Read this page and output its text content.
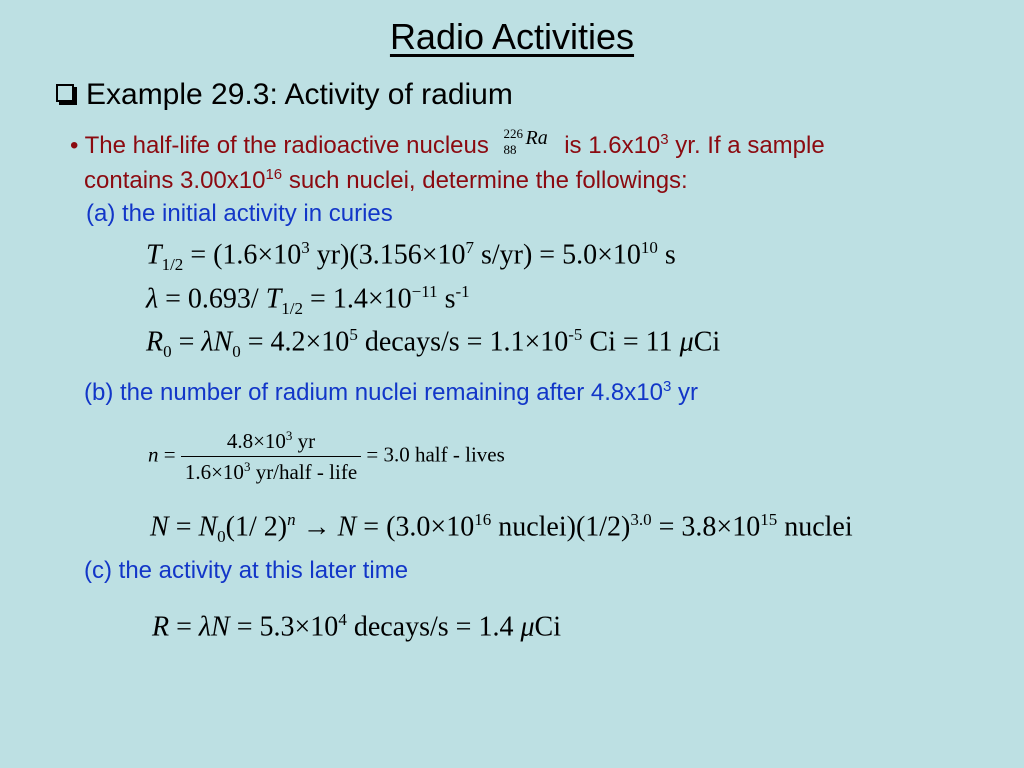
Radio Activities
Example 29.3: Activity of radium
• The half-life of the radioactive nucleus 226
88
Ra is $1.6x10^3$ yr. If a sample
contains $3.00x10^{16}$ such nuclei, determine the followings:
(a) the initial activity in curies
$T_{1/2} = (1.6\times 10^3$ $yr)(3.156\times 10^7$ $s/yr) = 5.0\times 10^{10}$ s
λ = 0.693/ $T_{1/2} = 1.4\times 10^{-11}$ $s^{-1}$
$R_0 = \lambda N_0 = 4.2\times 10^5$ decays/s = $1.1\times 10^{-5}$ Ci = 11 μCi
(b) the number of radium nuclei remaining after $4.8x10^3$ yr
$n = \frac{4.8\times 10^3 yr}{1.6\times 10^3 yr/half - life} = 3.0$ half - lives
$N = N_0(1/$ $2)^n \to N = (3.0\times 10^{16}$ $nuclei)(1/2)^{3.0} = 3.8\times 10^{15}$ nuclei
(c) the activity at this later time
$R = \lambda N = 5.3\times 10^4$ decays/s = 1.4 μCi
